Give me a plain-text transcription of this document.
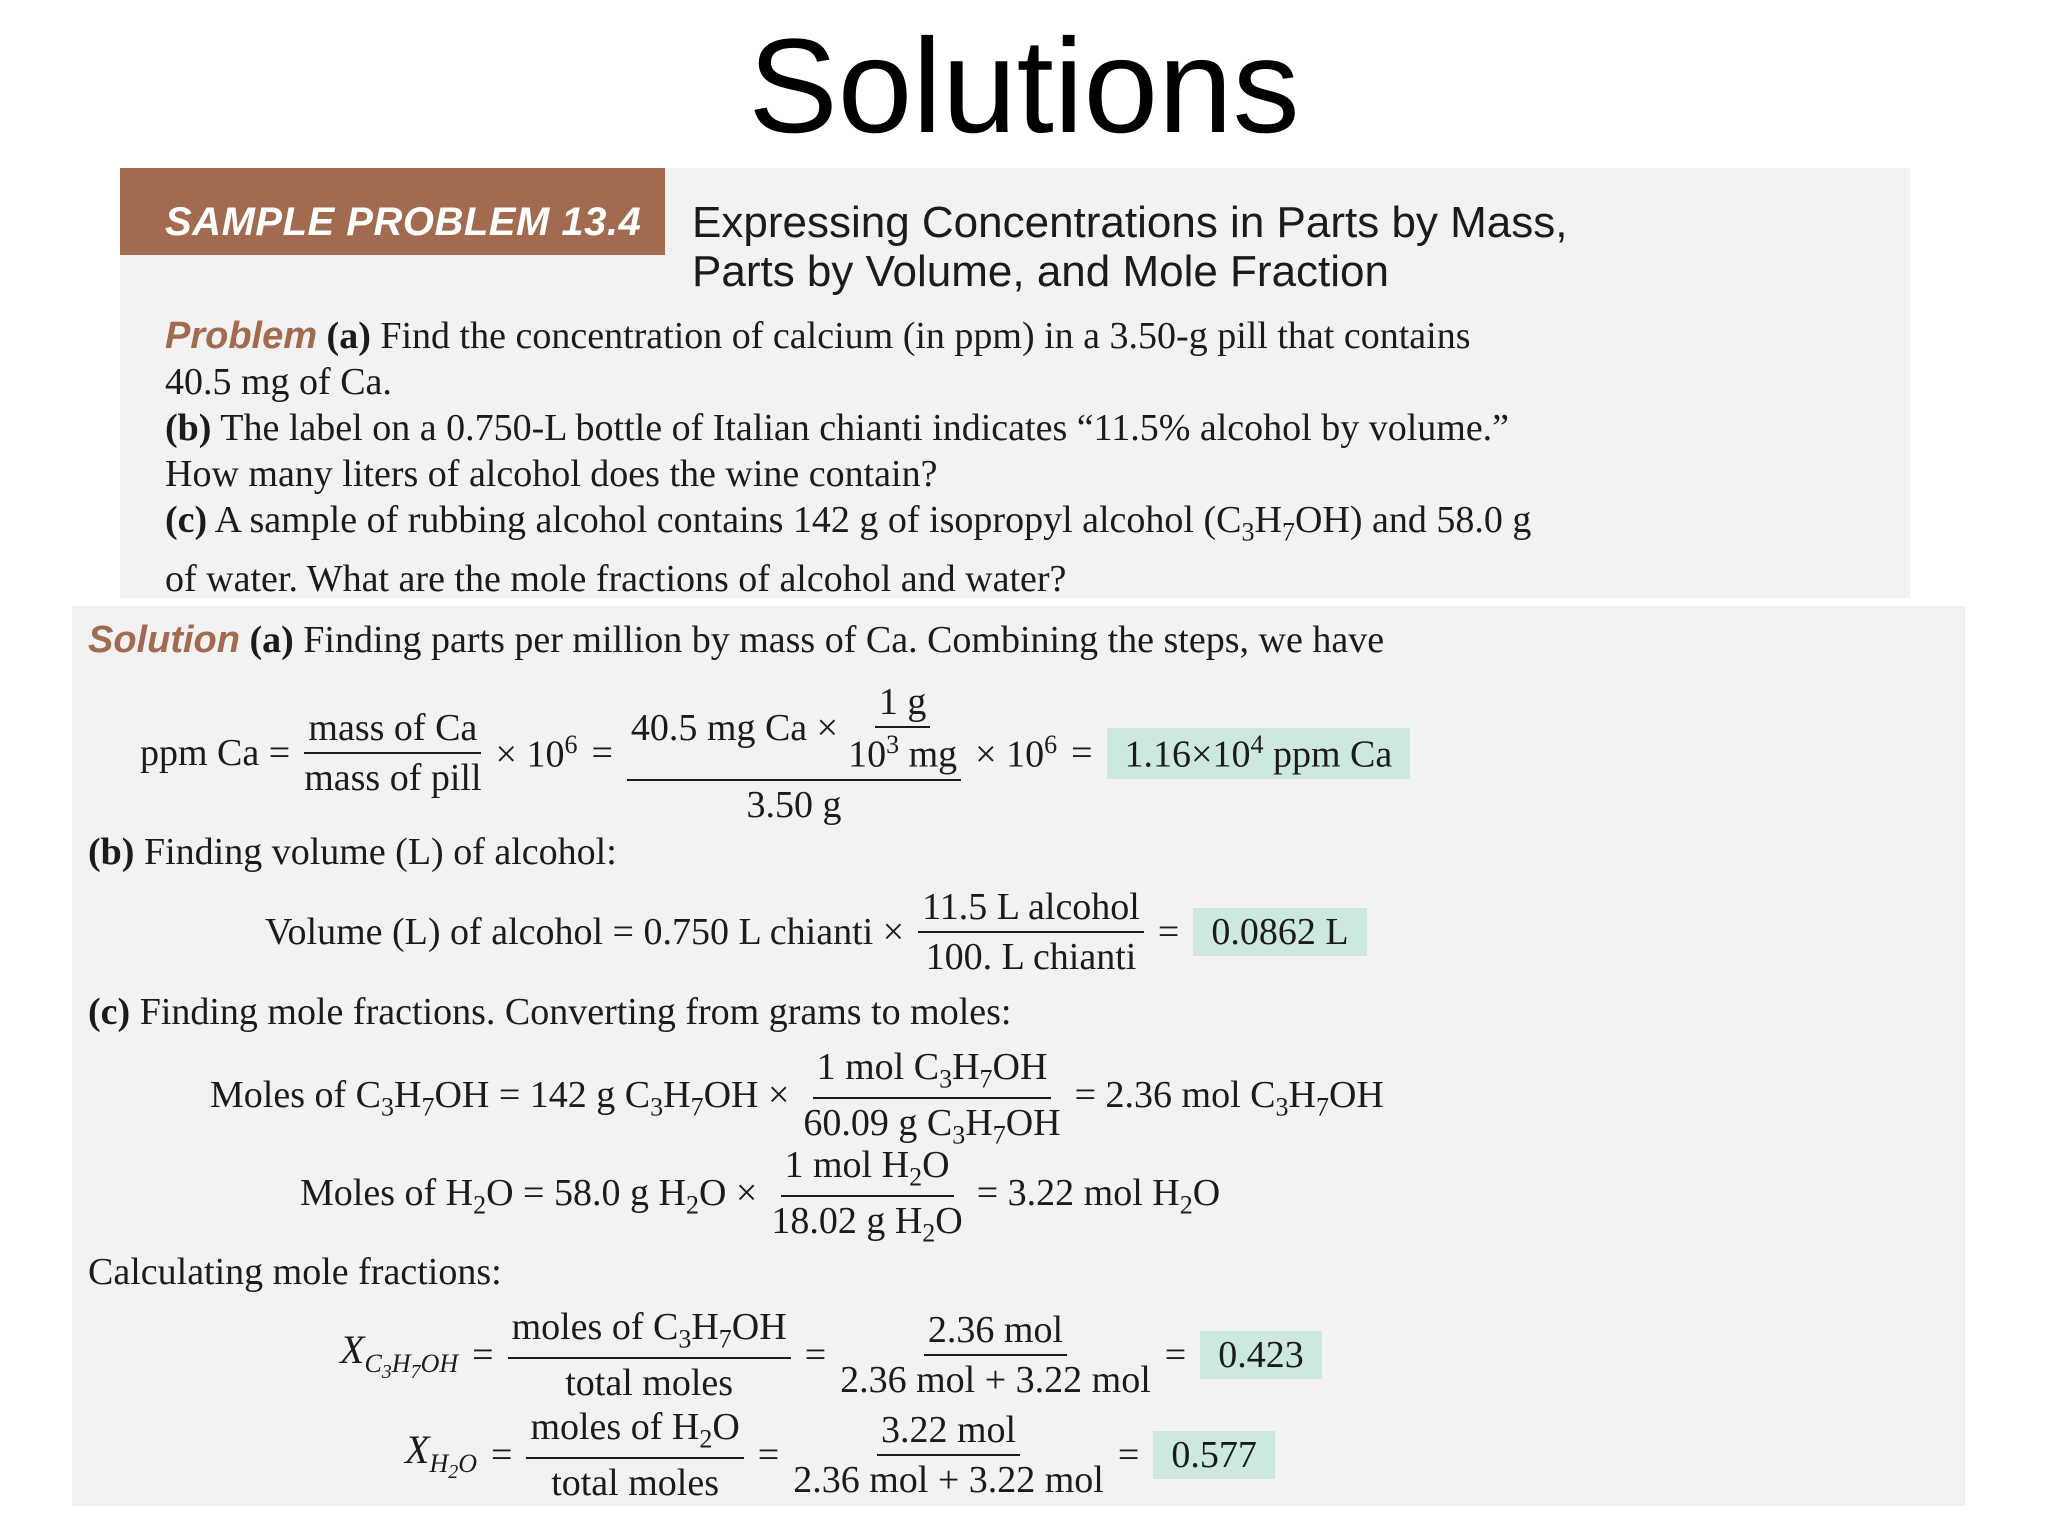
Solutions
SAMPLE PROBLEM 13.4 Expressing Concentrations in Parts by Mass,
Parts by Volume, and Mole Fraction
Problem (a) Find the concentration of calcium (in ppm) in a 3.50-g pill that contains
40.5 mg of Ca.
(b) The label on a 0.750-L bottle of Italian chianti indicates “11.5% alcohol by volume.”
How many liters of alcohol does the wine contain?
(c) A sample of rubbing alcohol contains 142 g of isopropyl alcohol $(C_3H_7OH)$ and 58.0 g
of water. What are the mole fractions of alcohol and water?
Solution (a) Finding parts per million by mass of Ca. Combining the steps, we have
ppm $Ca = \frac{\text{mass of Ca}}{\text{mass of pill}} \times 10^6 = \frac{40.5 mg Ca \times \frac{1 g}{10^3 mg}}{3.50 g} \times 10^6 = 1.16\times 10^4$ ppm Ca
(b) Finding volume (L) of alcohol:
Volume (L) of alcohol = 0.750 L chianti × $\frac{\text{11.5 L alcohol}}{\text{100. L chianti}} = 0.0862$ L
(c) Finding mole fractions. Converting from grams to moles:
Moles of $C_3H_7OH = 142$ g $C_3H_7OH \times \frac{1 mol C_3H_7OH}{60.09 g C_3H_7OH} = 2.36$ mol $C_3H_7OH$
Moles of $H_2O = 58.0$ g $H_2O \times \frac{1 mol H_2O}{18.02 g H_2O} = 3.22$ mol $H_2O$
Calculating mole fractions:
$X_{C_3H_7OH} = \frac{moles of C_3H_7OH}{\text{total moles}} = \frac{\text{2.36 mol}}{\text{2.36 mol + 3.22 mol}} = 0.423$
$X_{H_2O} = \frac{moles of H_2O}{\text{total moles}} = \frac{\text{3.22 mol}}{\text{2.36 mol + 3.22 mol}} = 0.577$
